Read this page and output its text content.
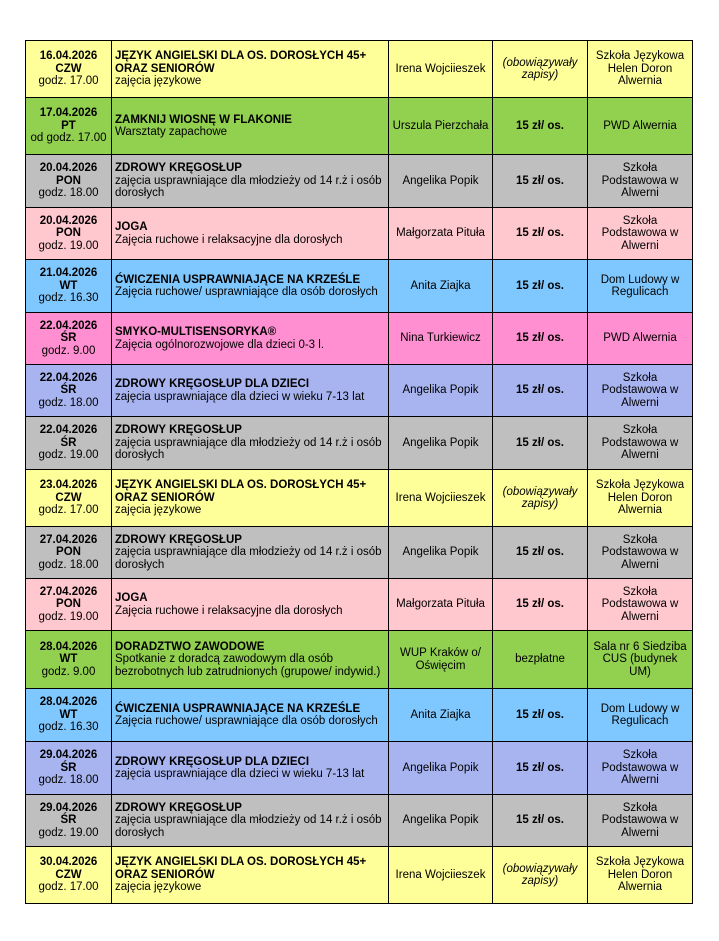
16.04.2026
CZW
godz. 17.00	JĘZYK ANGIELSKI DLA OS. DOROSŁYCH 45+ ORAZ SENIORÓW
zajęcia językowe	Irena Wojciieszek	(obowiązywały zapisy)	Szkoła Językowa Helen Doron Alwernia

17.04.2026
PT
od godz. 17.00	ZAMKNIJ WIOSNĘ W FLAKONIE
Warsztaty zapachowe	Urszula Pierzchała	15 zł/ os.	PWD Alwernia

20.04.2026
PON
godz. 18.00	ZDROWY KRĘGOSŁUP
zajęcia usprawniające dla młodzieży od 14 r.ż i osób dorosłych	Angelika Popik	15 zł/ os.	Szkoła Podstawowa w Alwerni

20.04.2026
PON
godz. 19.00	JOGA
Zajęcia ruchowe i relaksacyjne dla dorosłych	Małgorzata Pituła	15 zł/ os.	Szkoła Podstawowa w Alwerni

21.04.2026
WT
godz. 16.30	ĆWICZENIA USPRAWNIAJĄCE NA KRZEŚLE
Zajęcia ruchowe/ usprawniające dla osób dorosłych	Anita Ziajka	15 zł/ os.	Dom Ludowy w Regulicach

22.04.2026
ŚR
godz. 9.00	SMYKO-MULTISENSORYKA®
Zajęcia ogólnorozwojowe dla dzieci 0-3 l.	Nina Turkiewicz	15 zł/ os.	PWD Alwernia

22.04.2026
ŚR
godz. 18.00	ZDROWY KRĘGOSŁUP DLA DZIECI
zajęcia usprawniające dla dzieci w wieku 7-13 lat	Angelika Popik	15 zł/ os.	Szkoła Podstawowa w Alwerni

22.04.2026
ŚR
godz. 19.00	ZDROWY KRĘGOSŁUP
zajęcia usprawniające dla młodzieży od 14 r.ż i osób dorosłych	Angelika Popik	15 zł/ os.	Szkoła Podstawowa w Alwerni

23.04.2026
CZW
godz. 17.00	JĘZYK ANGIELSKI DLA OS. DOROSŁYCH 45+ ORAZ SENIORÓW
zajęcia językowe	Irena Wojciieszek	(obowiązywały zapisy)	Szkoła Językowa Helen Doron Alwernia

27.04.2026
PON
godz. 18.00	ZDROWY KRĘGOSŁUP
zajęcia usprawniające dla młodzieży od 14 r.ż i osób dorosłych	Angelika Popik	15 zł/ os.	Szkoła Podstawowa w Alwerni

27.04.2026
PON
godz. 19.00	JOGA
Zajęcia ruchowe i relaksacyjne dla dorosłych	Małgorzata Pituła	15 zł/ os.	Szkoła Podstawowa w Alwerni

28.04.2026
WT
godz. 9.00	DORADZTWO ZAWODOWE
Spotkanie z doradcą zawodowym dla osób bezrobotnych lub zatrudnionych (grupowe/ indywid.)	WUP Kraków o/ Oświęcim	bezpłatne	Sala nr 6 Siedziba CUS (budynek UM)

28.04.2026
WT
godz. 16.30	ĆWICZENIA USPRAWNIAJĄCE NA KRZEŚLE
Zajęcia ruchowe/ usprawniające dla osób dorosłych	Anita Ziajka	15 zł/ os.	Dom Ludowy w Regulicach

29.04.2026
ŚR
godz. 18.00	ZDROWY KRĘGOSŁUP DLA DZIECI
zajęcia usprawniające dla dzieci w wieku 7-13 lat	Angelika Popik	15 zł/ os.	Szkoła Podstawowa w Alwerni

29.04.2026
ŚR
godz. 19.00	ZDROWY KRĘGOSŁUP
zajęcia usprawniające dla młodzieży od 14 r.ż i osób dorosłych	Angelika Popik	15 zł/ os.	Szkoła Podstawowa w Alwerni

30.04.2026
CZW
godz. 17.00	JĘZYK ANGIELSKI DLA OS. DOROSŁYCH 45+ ORAZ SENIORÓW
zajęcia językowe	Irena Wojciieszek	(obowiązywały zapisy)	Szkoła Językowa Helen Doron Alwernia
